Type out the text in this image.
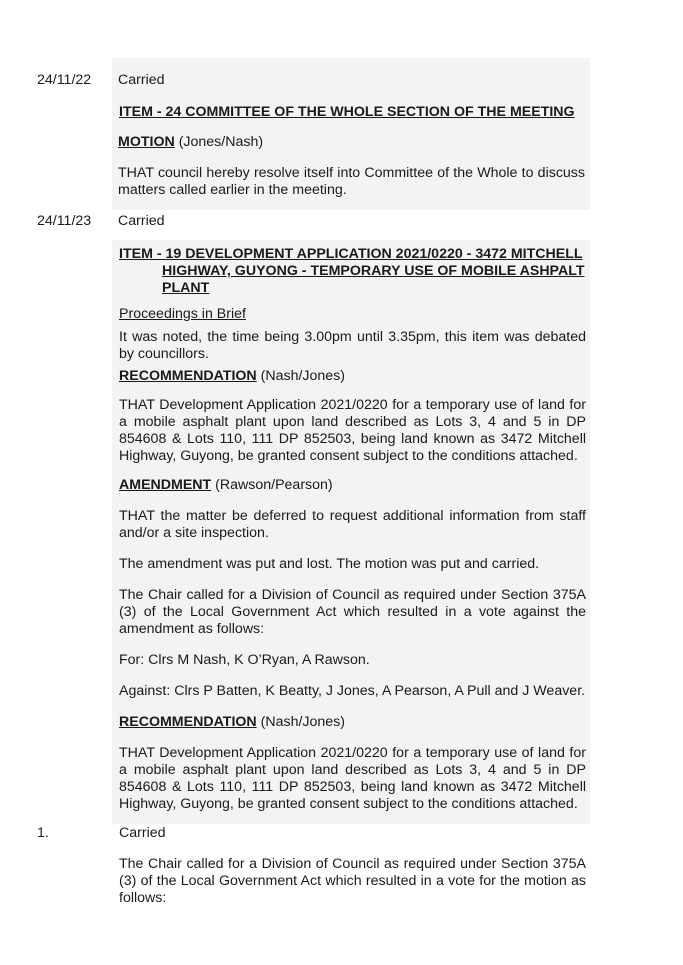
24/11/22 Carried
ITEM - 24 COMMITTEE OF THE WHOLE SECTION OF THE MEETING
MOTION (Jones/Nash)
THAT council hereby resolve itself into Committee of the Whole to discuss matters called earlier in the meeting.
24/11/23 Carried
ITEM - 19 DEVELOPMENT APPLICATION 2021/0220 - 3472 MITCHELL
HIGHWAY, GUYONG - TEMPORARY USE OF MOBILE ASHPALT
PLANT
Proceedings in Brief
It was noted, the time being 3.00pm until 3.35pm, this item was debated by councillors.
RECOMMENDATION (Nash/Jones)
THAT Development Application 2021/0220 for a temporary use of land for a mobile asphalt plant upon land described as Lots 3, 4 and 5 in DP 854608 & Lots 110, 111 DP 852503, being land known as 3472 Mitchell Highway, Guyong, be granted consent subject to the conditions attached.
AMENDMENT (Rawson/Pearson)
THAT the matter be deferred to request additional information from staff and/or a site inspection.
The amendment was put and lost. The motion was put and carried.
The Chair called for a Division of Council as required under Section 375A (3) of the Local Government Act which resulted in a vote against the amendment as follows:
For: Clrs M Nash, K O’Ryan, A Rawson.
Against: Clrs P Batten, K Beatty, J Jones, A Pearson, A Pull and J Weaver.
RECOMMENDATION (Nash/Jones)
THAT Development Application 2021/0220 for a temporary use of land for a mobile asphalt plant upon land described as Lots 3, 4 and 5 in DP 854608 & Lots 110, 111 DP 852503, being land known as 3472 Mitchell Highway, Guyong, be granted consent subject to the conditions attached.
1.	Carried
The Chair called for a Division of Council as required under Section 375A (3) of the Local Government Act which resulted in a vote for the motion as follows:
